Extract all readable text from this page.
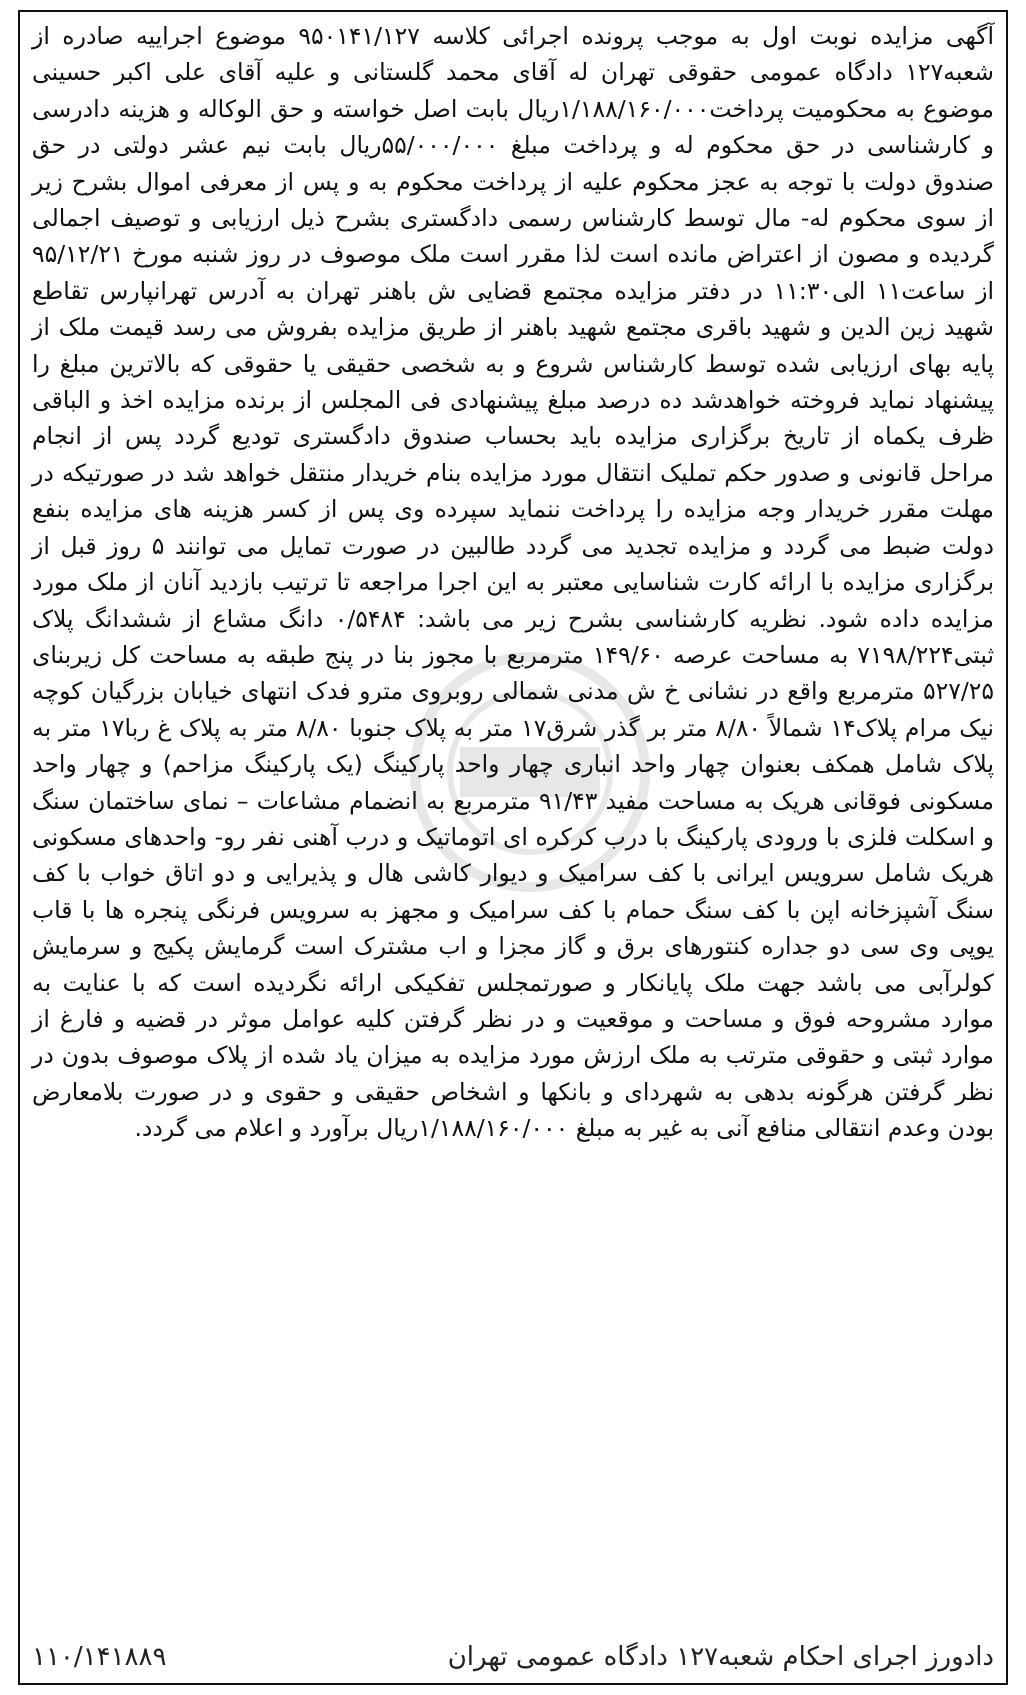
آگهی مزایده نوبت اول به موجب پرونده اجرائی کلاسه ۹۵۰۱۴۱/۱۲۷ موضوع اجراییه صادره از شعبه۱۲۷ دادگاه عمومی حقوقی تهران له آقای محمد گلستانی و علیه آقای علی اکبر حسینی موضوع به محکومیت پرداخت۱/۱۸۸/۱۶۰/۰۰۰ریال بابت اصل خواسته و حق الوکاله و هزینه دادرسی و کارشناسی در حق محکوم له و پرداخت مبلغ ۵۵/۰۰۰/۰۰۰ریال بابت نیم عشر دولتی در حق صندوق دولت با توجه به عجز محکوم علیه از پرداخت محکوم به و پس از معرفی اموال بشرح زیر از سوی محکوم له- مال توسط کارشناس رسمی دادگستری بشرح ذیل ارزیابی و توصیف اجمالی گردیده و مصون از اعتراض مانده است لذا مقرر است ملک موصوف در روز شنبه مورخ ۹۵/۱۲/۲۱ از ساعت۱۱ الی۱۱:۳۰ در دفتر مزایده مجتمع قضایی ش باهنر تهران به آدرس تهرانپارس تقاطع شهید زین الدین و شهید باقری مجتمع شهید باهنر از طریق مزایده بفروش می رسد قیمت ملک از پایه بهای ارزیابی شده توسط کارشناس شروع و به شخصی حقیقی یا حقوقی که بالاترین مبلغ را پیشنهاد نماید فروخته خواهدشد ده درصد مبلغ پیشنهادی فی المجلس از برنده مزایده اخذ و الباقی ظرف یکماه از تاریخ برگزاری مزایده باید بحساب صندوق دادگستری تودیع گردد پس از انجام مراحل قانونی و صدور حکم تملیک انتقال مورد مزایده بنام خریدار منتقل خواهد شد در صورتیکه در مهلت مقرر خریدار وجه مزایده را پرداخت ننماید سپرده وی پس از کسر هزینه های مزایده بنفع دولت ضبط می گردد و مزایده تجدید می گردد طالبین در صورت تمایل می توانند ۵ روز قبل از برگزاری مزایده با ارائه کارت شناسایی معتبر به این اجرا مراجعه تا ترتیب بازدید آنان از ملک مورد مزایده داده شود. نظریه کارشناسی بشرح زیر می باشد: ۰/۵۴۸۴ دانگ مشاع از ششدانگ پلاک ثبتی۷۱۹۸/۲۲۴ به مساحت عرصه ۱۴۹/۶۰ مترمربع با مجوز بنا در پنج طبقه به مساحت کل زیربنای ۵۲۷/۲۵ مترمربع واقع در نشانی خ ش مدنی شمالی روبروی مترو فدک انتهای خیابان بزرگیان کوچه نیک مرام پلاک۱۴ شمالاً ۸/۸۰ متر بر گذر شرق۱۷ متر به پلاک جنوبا ۸/۸۰ متر به پلاک غ ربا۱۷ متر به پلاک شامل همکف بعنوان چهار واحد انباری چهار واحد پارکینگ (یک پارکینگ مزاحم) و چهار واحد مسکونی فوقانی هریک به مساحت مفید ۹۱/۴۳ مترمربع به انضمام مشاعات – نمای ساختمان سنگ و اسکلت فلزی با ورودی پارکینگ با درب کرکره ای اتوماتیک و درب آهنی نفر رو- واحدهای مسکونی هریک شامل سرویس ایرانی با کف سرامیک و دیوار کاشی هال و پذیرایی و دو اتاق خواب با کف سنگ آشپزخانه اپن با کف سنگ حمام با کف سرامیک و مجهز به سرویس فرنگی پنجره ها با قاب یوپی وی سی دو جداره کنتورهای برق و گاز مجزا و اب مشترک است گرمایش پکیج و سرمایش کولرآبی می باشد جهت ملک پایانکار و صورتمجلس تفکیکی ارائه نگردیده است که با عنایت به موارد مشروحه فوق و مساحت و موقعیت و در نظر گرفتن کلیه عوامل موثر در قضیه و فارغ از موارد ثبتی و حقوقی مترتب به ملک ارزش مورد مزایده به میزان یاد شده از پلاک موصوف بدون در نظر گرفتن هرگونه بدهی به شهردای و بانکها و اشخاص حقیقی و حقوی و در صورت بلامعارض بودن وعدم انتقالی منافع آنی به غیر به مبلغ ۱/۱۸۸/۱۶۰/۰۰۰ریال برآورد و اعلام می گردد.

دادورز اجرای احکام شعبه۱۲۷ دادگاه عمومی تهران
۱۱۰/۱۴۱۸۸۹
